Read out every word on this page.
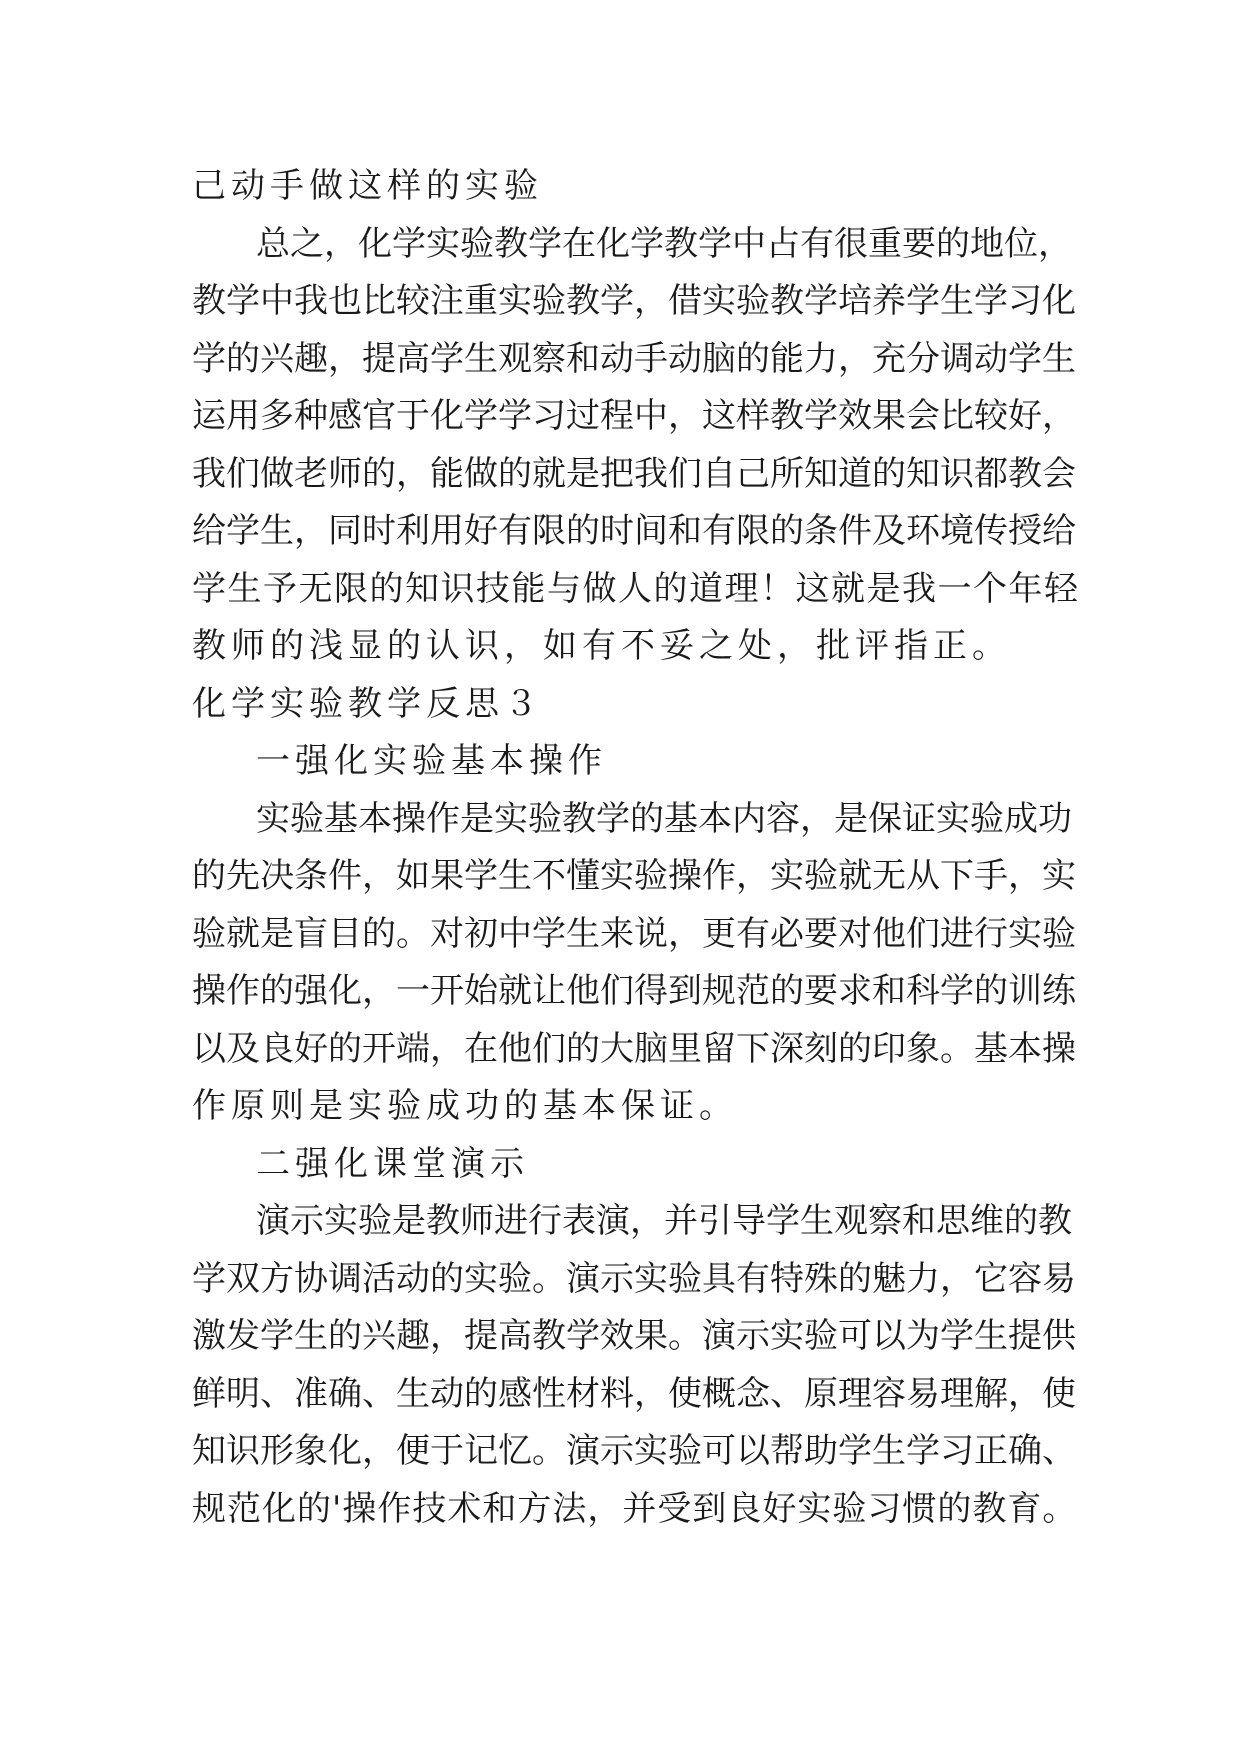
己动手做这样的实验
总之，化学实验教学在化学教学中占有很重要的地位，
教学中我也比较注重实验教学，借实验教学培养学生学习化
学的兴趣，提高学生观察和动手动脑的能力，充分调动学生
运用多种感官于化学学习过程中，这样教学效果会比较好，
我们做老师的，能做的就是把我们自己所知道的知识都教会
给学生，同时利用好有限的时间和有限的条件及环境传授给
学生予无限的知识技能与做人的道理！这就是我一个年轻
教师的浅显的认识，如有不妥之处，批评指正。
化学实验教学反思３
一强化实验基本操作
实验基本操作是实验教学的基本内容，是保证实验成功
的先决条件，如果学生不懂实验操作，实验就无从下手，实
验就是盲目的。对初中学生来说，更有必要对他们进行实验
操作的强化，一开始就让他们得到规范的要求和科学的训练
以及良好的开端，在他们的大脑里留下深刻的印象。基本操
作原则是实验成功的基本保证。
二强化课堂演示
演示实验是教师进行表演，并引导学生观察和思维的教
学双方协调活动的实验。演示实验具有特殊的魅力，它容易
激发学生的兴趣，提高教学效果。演示实验可以为学生提供
鲜明、准确、生动的感性材料，使概念、原理容易理解，使
知识形象化，便于记忆。演示实验可以帮助学生学习正确、
规范化的'操作技术和方法，并受到良好实验习惯的教育。
